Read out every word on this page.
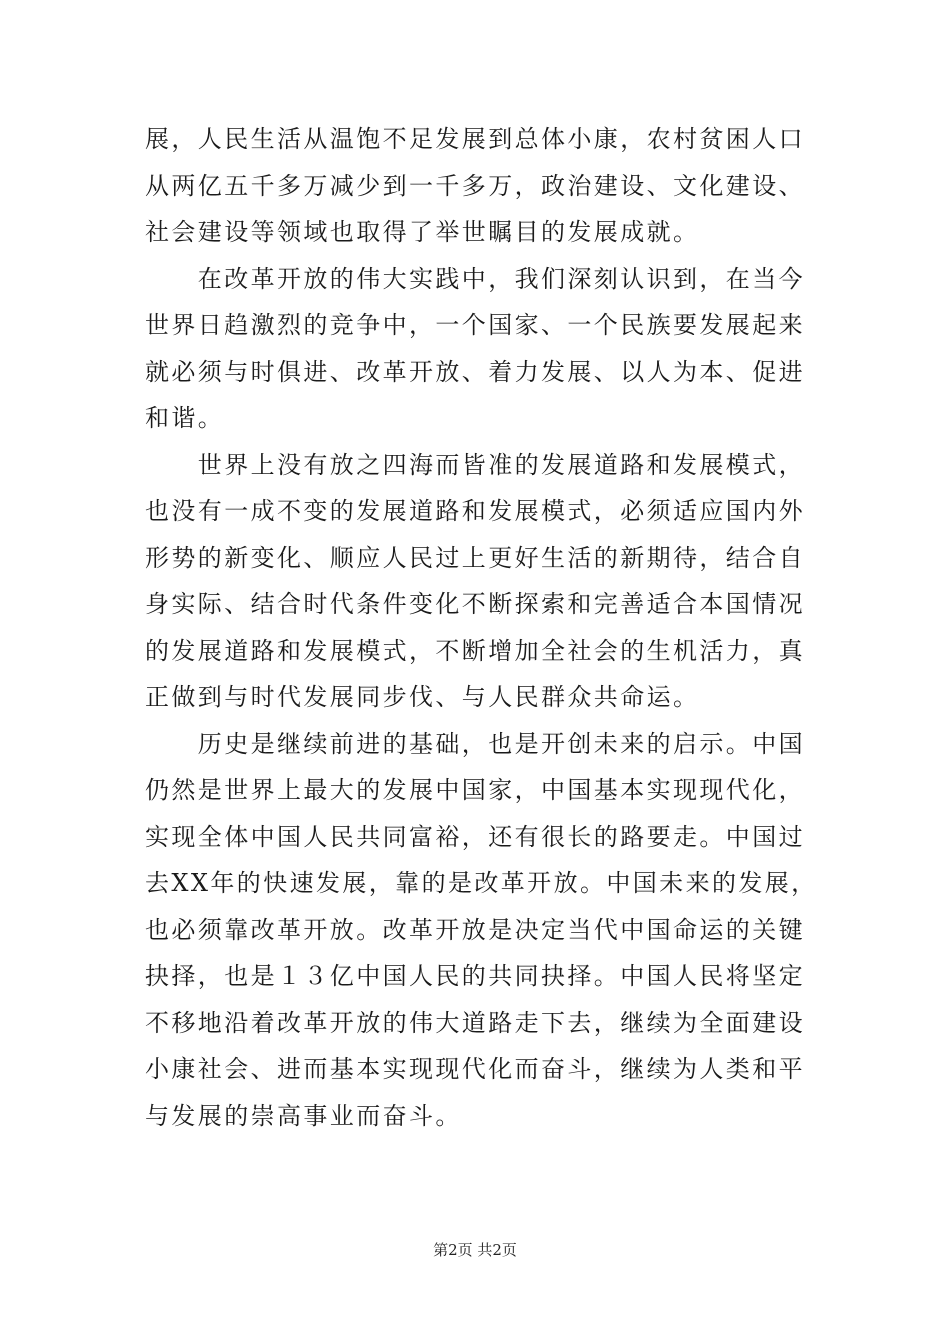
展，人民生活从温饱不足发展到总体小康，农村贫困人口
从两亿五千多万减少到一千多万，政治建设、文化建设、
社会建设等领域也取得了举世瞩目的发展成就。
　　在改革开放的伟大实践中，我们深刻认识到，在当今
世界日趋激烈的竞争中，一个国家、一个民族要发展起来
就必须与时俱进、改革开放、着力发展、以人为本、促进
和谐。
　　世界上没有放之四海而皆准的发展道路和发展模式，
也没有一成不变的发展道路和发展模式，必须适应国内外
形势的新变化、顺应人民过上更好生活的新期待，结合自
身实际、结合时代条件变化不断探索和完善适合本国情况
的发展道路和发展模式，不断增加全社会的生机活力，真
正做到与时代发展同步伐、与人民群众共命运。
　　历史是继续前进的基础，也是开创未来的启示。中国
仍然是世界上最大的发展中国家，中国基本实现现代化，
实现全体中国人民共同富裕，还有很长的路要走。中国过
去XX年的快速发展，靠的是改革开放。中国未来的发展，
也必须靠改革开放。改革开放是决定当代中国命运的关键
抉择，也是１３亿中国人民的共同抉择。中国人民将坚定
不移地沿着改革开放的伟大道路走下去，继续为全面建设
小康社会、进而基本实现现代化而奋斗，继续为人类和平
与发展的崇高事业而奋斗。
第2页 共2页
